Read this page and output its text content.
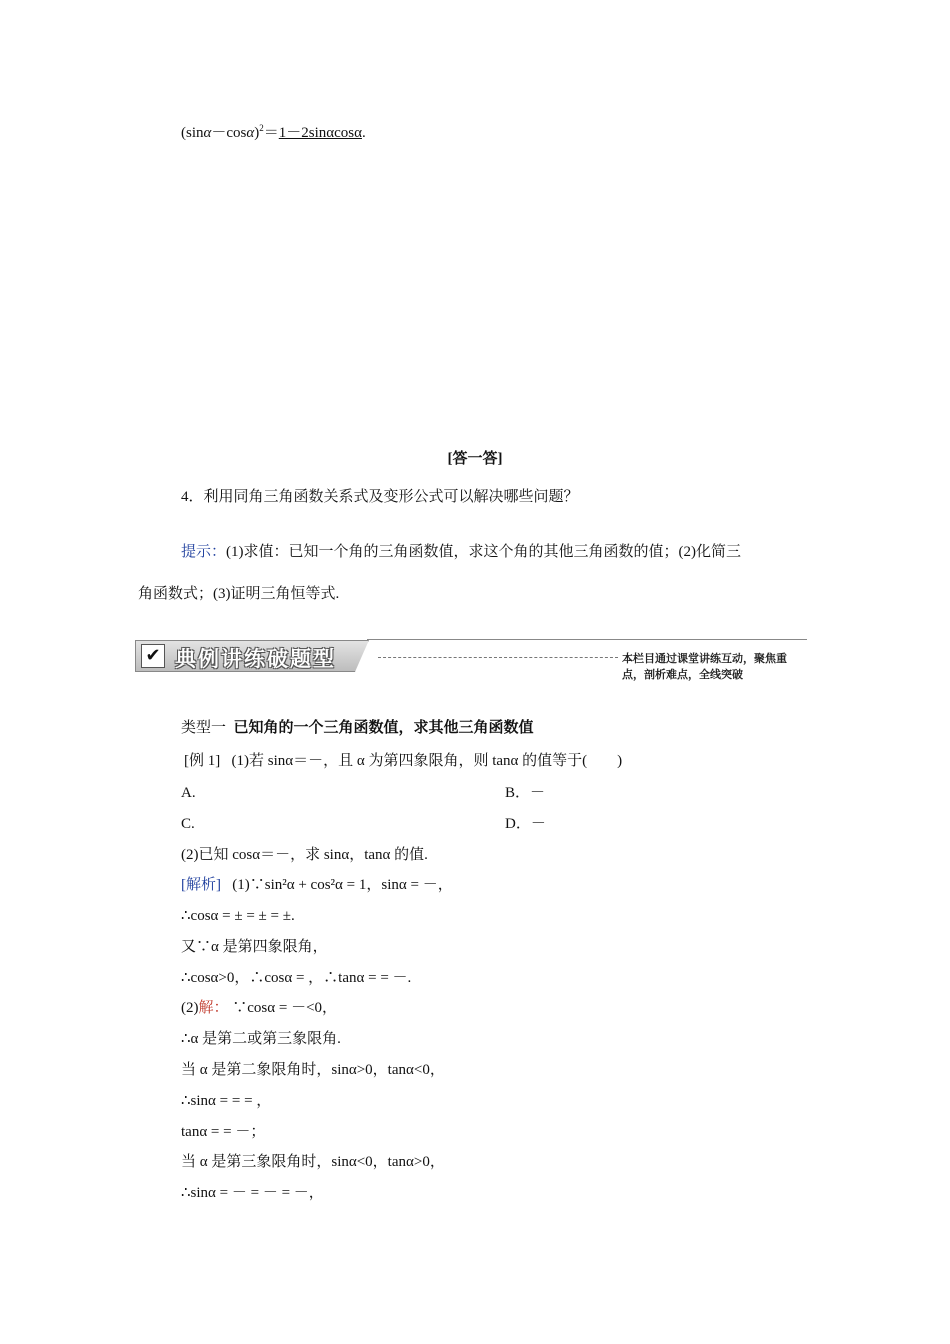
$(\sin\alpha-\cos\alpha)^2=1-2\sin\alpha\cos\alpha$.
[答一答]
4．利用同角三角函数关系式及变形公式可以解决哪些问题？
提示：(1)求值：已知一个角的三角函数值，求这个角的其他三角函数的值；(2)化简三
角函数式；(3)证明三角恒等式.
✔ 典例讲练破题型	本栏目通过课堂讲练互动，聚焦重点，剖析难点，全线突破
类型一 已知角的一个三角函数值，求其他三角函数值
[例 1] (1)若 sinα＝－，且 α 为第四象限角，则 tanα 的值等于(　　)
A.	B．－
C.	D．－
(2)已知 cosα＝－，求 sinα，tanα 的值.
[解析] (1)∵sin²α + cos²α = 1，sinα = －，
∴cosα = ± = ± = ±.
又∵α 是第四象限角，
∴cosα>0，∴cosα = ，∴tanα = = －.
(2)解： ∵cosα = －<0，
∴α 是第二或第三象限角.
当 α 是第二象限角时，sinα>0，tanα<0，
∴sinα = = = ，
tanα = = －；
当 α 是第三象限角时，sinα<0，tanα>0，
∴sinα = － = － = －，
